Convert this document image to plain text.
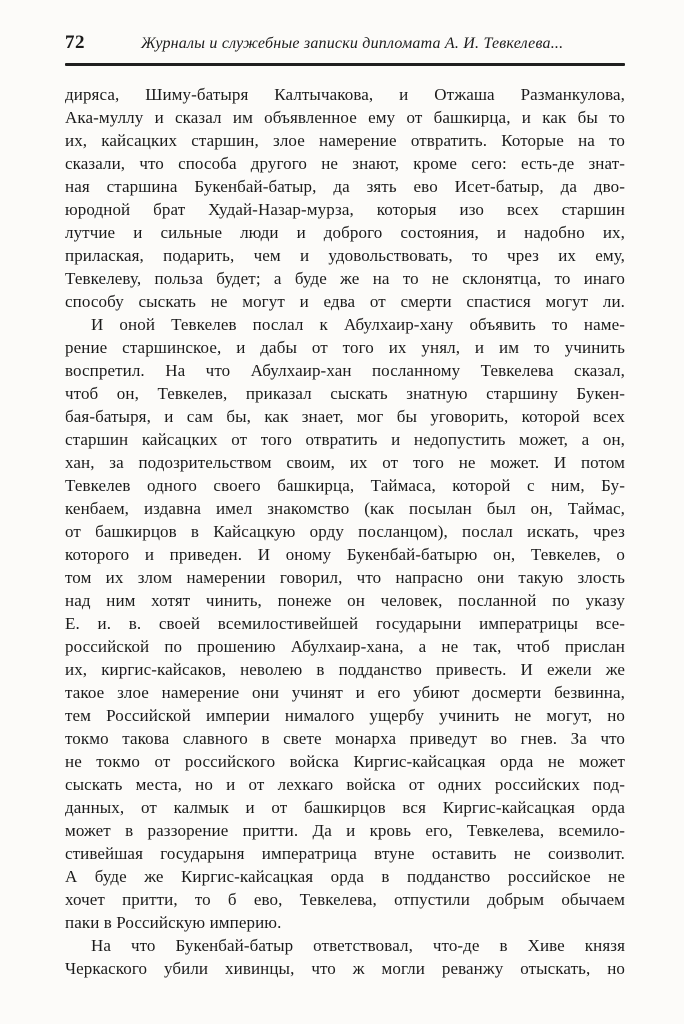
72	Журналы и служебные записки дипломата А. И. Тевкелева...
диряса, Шиму-батыря Калтычакова, и Отжаша Разманкулова,
Ака-муллу и сказал им объявленное ему от башкирца, и как бы то
их, кайсацких старшин, злое намерение отвратить. Которые на то
сказали, что способа другого не знают, кроме сего: есть-де знат-
ная старшина Букенбай-батыр, да зять ево Исет-батыр, да дво-
юродной брат Худай-Назар-мурза, которыя изо всех старшин
лутчие и сильные люди и доброго состояния, и надобно их,
прилаская, подарить, чем и удовольствовать, то чрез их ему,
Тевкелеву, польза будет; а буде же на то не склонятца, то инаго
способу сыскать не могут и едва от смерти спастися могут ли.
И оной Тевкелев послал к Абулхаир-хану объявить то наме-
рение старшинское, и дабы от того их унял, и им то учинить
воспретил. На что Абулхаир-хан посланному Тевкелева сказал,
чтоб он, Тевкелев, приказал сыскать знатную старшину Букен-
бая-батыря, и сам бы, как знает, мог бы уговорить, которой всех
старшин кайсацких от того отвратить и недопустить может, а он,
хан, за подозрительством своим, их от того не может. И потом
Тевкелев одного своего башкирца, Таймаса, которой с ним, Бу-
кенбаем, издавна имел знакомство (как посылан был он, Таймас,
от башкирцов в Кайсацкую орду посланцом), послал искать, чрез
которого и приведен. И оному Букенбай-батырю он, Тевкелев, о
том их злом намерении говорил, что напрасно они такую злость
над ним хотят чинить, понеже он человек, посланной по указу
Е. и. в. своей всемилостивейшей государыни императрицы все-
российской по прошению Абулхаир-хана, а не так, чтоб прислан
их, киргис-кайсаков, неволею в подданство привесть. И ежели же
такое злое намерение они учинят и его убиют досмерти безвинна,
тем Российской империи нималого ущербу учинить не могут, но
токмо такова славного в свете монарха приведут во гнев. За что
не токмо от российского войска Киргис-кайсацкая орда не может
сыскать места, но и от лехкаго войска от одних российских под-
данных, от калмык и от башкирцов вся Киргис-кайсацкая орда
может в раззорение притти. Да и кровь его, Тевкелева, всемило-
стивейшая государыня императрица втуне оставить не соизволит.
А буде же Киргис-кайсацкая орда в подданство российское не
хочет притти, то б ево, Тевкелева, отпустили добрым обычаем
паки в Российскую империю.
На что Букенбай-батыр ответствовал, что-де в Хиве князя
Черкаского убили хивинцы, что ж могли реванжу отыскать, но
